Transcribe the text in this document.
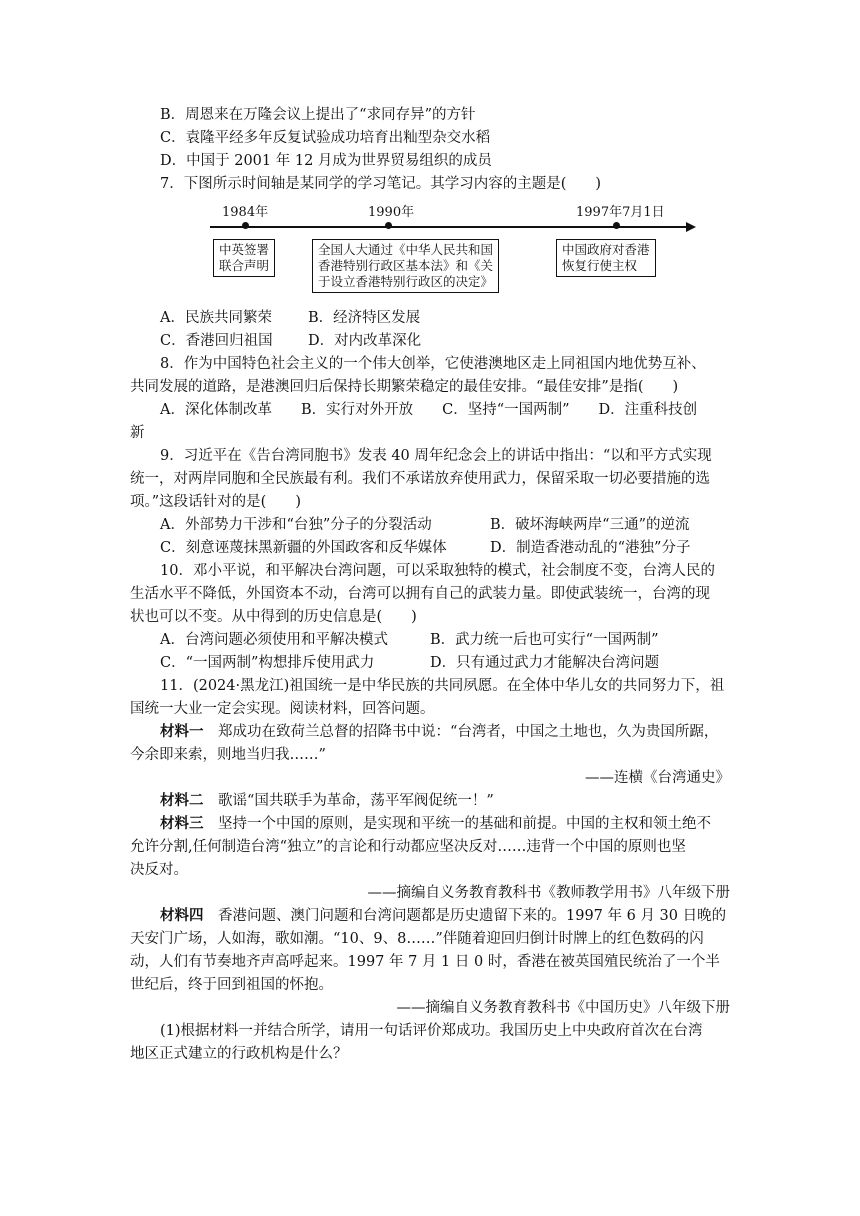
B．周恩来在万隆会议上提出了“求同存异”的方针
C．袁隆平经多年反复试验成功培育出籼型杂交水稻
D．中国于 2001 年 12 月成为世界贸易组织的成员
7．下图所示时间轴是某同学的学习笔记。其学习内容的主题是(　　)
1984年	1990年	1997年7月1日
中英签署
联合声明
全国人大通过《中华人民共和国
香港特别行政区基本法》和《关
于设立香港特别行政区的决定》
中国政府对香港
恢复行使主权
A．民族共同繁荣 B．经济特区发展
C．香港回归祖国 D．对内改革深化
8．作为中国特色社会主义的一个伟大创举，它使港澳地区走上同祖国内地优势互补、
共同发展的道路，是港澳回归后保持长期繁荣稳定的最佳安排。“最佳安排”是指(　　)
A．深化体制改革　　B．实行对外开放　　C．坚持“一国两制”　　D．注重科技创
新
9．习近平在《告台湾同胞书》发表 40 周年纪念会上的讲话中指出：“以和平方式实现
统一，对两岸同胞和全民族最有利。我们不承诺放弃使用武力，保留采取一切必要措施的选
项。”这段话针对的是(　　)
A．外部势力干涉和“台独”分子的分裂活动	B．破坏海峡两岸“三通”的逆流
C．刻意诬蔑抹黑新疆的外国政客和反华媒体	D．制造香港动乱的“港独”分子
10．邓小平说，和平解决台湾问题，可以采取独特的模式，社会制度不变，台湾人民的
生活水平不降低，外国资本不动，台湾可以拥有自己的武装力量。即使武装统一，台湾的现
状也可以不变。从中得到的历史信息是(　　)
A．台湾问题必须使用和平解决模式	B．武力统一后也可实行“一国两制”
C．“一国两制”构想排斥使用武力	D．只有通过武力才能解决台湾问题
11．(2024·黑龙江)祖国统一是中华民族的共同夙愿。在全体中华儿女的共同努力下，祖
国统一大业一定会实现。阅读材料，回答问题。
材料一　郑成功在致荷兰总督的招降书中说：“台湾者，中国之土地也，久为贵国所踞，
今余即来索，则地当归我……”
——连横《台湾通史》
材料二　歌谣“国共联手为革命，荡平军阀促统一！”
材料三　坚持一个中国的原则，是实现和平统一的基础和前提。中国的主权和领土绝不
允许分割,任何制造台湾“独立”的言论和行动都应坚决反对……违背一个中国的原则也坚
决反对。
——摘编自义务教育教科书《教师教学用书》八年级下册
材料四　香港问题、澳门问题和台湾问题都是历史遗留下来的。1997 年 6 月 30 日晚的
天安门广场，人如海，歌如潮。“10、9、8……”伴随着迎回归倒计时牌上的红色数码的闪
动，人们有节奏地齐声高呼起来。1997 年 7 月 1 日 0 时，香港在被英国殖民统治了一个半
世纪后，终于回到祖国的怀抱。
——摘编自义务教育教科书《中国历史》八年级下册
(1)根据材料一并结合所学，请用一句话评价郑成功。我国历史上中央政府首次在台湾
地区正式建立的行政机构是什么？
